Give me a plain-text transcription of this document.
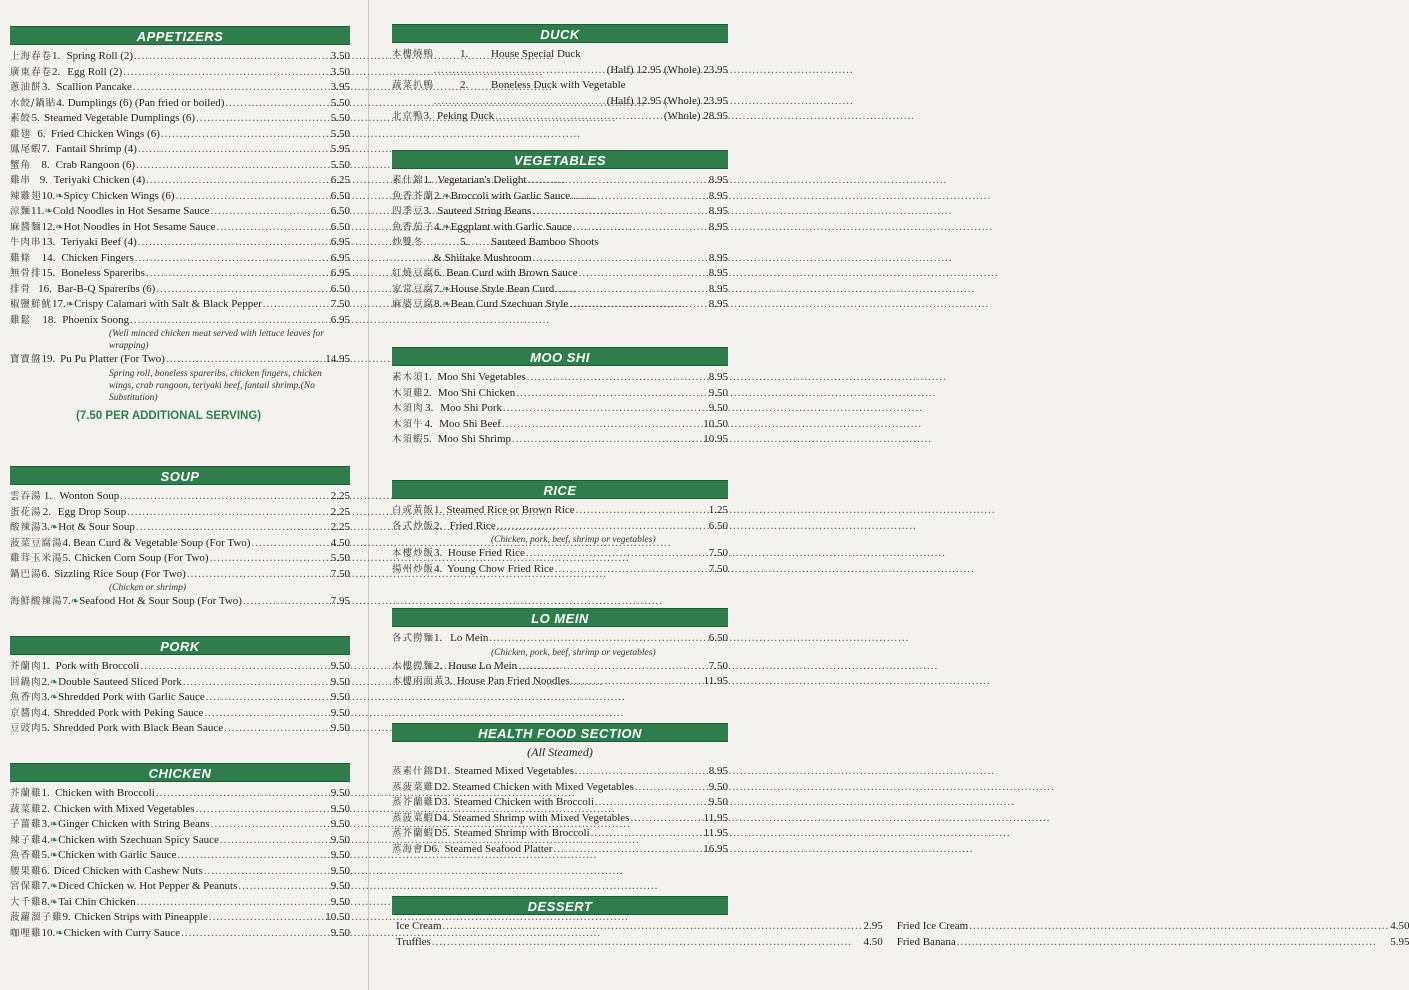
APPETIZERS
上海春卷 1. Spring Roll (2) .....	3.50
廣東春卷 2. Egg Roll (2) .....	3.50
蔥油餅 3. Scallion Pancake .....	3.95
水餃/鍋貼 4. Dumplings (6) (Pan fried or boiled) .....	5.50
素餃 5. Steamed Vegetable Dumplings (6) .....	5.50
雞翅 6. Fried Chicken Wings (6) .....	5.50
鳳尾蝦 7. Fantail Shrimp (4) .....	5.95
蟹角 8. Crab Rangoon (6) .....	5.50
雞串 9. Teriyaki Chicken (4) .....	6.25
辣雞翅 10. ❧ Spicy Chicken Wings (6) .....	6.50
涼麵 11. ❧ Cold Noodles in Hot Sesame Sauce .....	6.50
麻醬麵 12. ❧ Hot Noodles in Hot Sesame Sauce .....	6.50
牛肉串 13. Teriyaki Beef (4) .....	6.95
雞條 14. Chicken Fingers .....	6.95
無骨排 15. Boneless Spareribs .....	6.95
排骨 16. Bar-B-Q Spareribs (6) .....	6.50
椒鹽鮮魷 17. ❧ Crispy Calamari with Salt & Black Pepper .....	7.50
雞鬆	18. Phoenix Soong .....	6.95
(Well minced chicken meat served with lettuce leaves for wrapping)
寶寶盤 19. Pu Pu Platter (For Two) .....	14.95
Spring roll, boneless spareribs, chicken fingers, chicken wings, crab rangoon, teriyaki beef, fantail shrimp.(No Substitution)
(7.50 PER ADDITIONAL SERVING)
SOUP
雲吞湯 1. Wonton Soup .....	2.25
蛋花湯 2. Egg Drop Soup .....	2.25
酸辣湯 3. ❧ Hot & Sour Soup .....	2.25
菠菜豆腐湯 4. Bean Curd & Vegetable Soup (For Two) .....	4.50
雞茸玉米湯 5. Chicken Corn Soup (For Two) .....	5.50
鍋巴湯 6. Sizzling Rice Soup (For Two) .....	7.50
(Chicken or shrimp)
海鮮酸辣湯 7. ❧ Seafood Hot & Sour Soup (For Two) .....	7.95
PORK
芥蘭肉 1. Pork with Broccoli .....	9.50
回鍋肉 2. ❧ Double Sauteed Sliced Pork .....	9.50
魚香肉 3. ❧ Shredded Pork with Garlic Sauce .....	9.50
京醬肉 4. Shredded Pork with Peking Sauce .....	9.50
豆豉肉 5. Shredded Pork with Black Bean Sauce .....	9.50
CHICKEN
芥蘭雞 1. Chicken with Broccoli .....	9.50
蔬菜雞 2. Chicken with Mixed Vegetables .....	9.50
子薑雞 3. ❧ Ginger Chicken with String Beans .....	9.50
辣子雞 4. ❧ Chicken with Szechuan Spicy Sauce .....	9.50
魚香雞 5. ❧ Chicken with Garlic Sauce .....	9.50
腰果雞 6. Diced Chicken with Cashew Nuts .....	9.50
宮保雞 7. ❧ Diced Chicken w. Hot Pepper & Peanuts .....	9.50
大千雞 8. ❧ Tai Chin Chicken .....	9.50
菠蘿溜子雞 9. Chicken Strips with Pineapple .....	10.50
咖哩雞 10. ❧ Chicken with Curry Sauce .....	9.50
DUCK
本樓燒鴨	1.	House Special Duck
.....
(Half) 12.95 (Whole) 23.95
蔬菜扒鴨	2.	Boneless Duck with Vegetable
.....
(Half) 12.95 (Whole) 23.95
北京鴨 3. Peking Duck .....	(Whole) 28.95
VEGETABLES
素什錦 1. Vegetarian's Delight .....	8.95
魚香芥蘭 2. ❧ Broccoli with Garlic Sauce .....	8.95
四季豆 3. Sauteed String Beans .....	8.95
魚香茄子 4. ❧ Eggplant with Garlic Sauce .....	8.95
炒雙冬	5.	Sauteed Bamboo Shoots
& Shiitake Mushroom .....	8.95
紅燒豆腐 6. Bean Curd with Brown Sauce .....	8.95
家常豆腐 7. ❧ House Style Bean Curd .....	8.95
麻婆豆腐 8. ❧ Bean Curd Szechuan Style .....	8.95
MOO SHI
素木須 1. Moo Shi Vegetables .....	8.95
木須雞 2. Moo Shi Chicken .....	9.50
木須肉 3. Moo Shi Pork .....	9.50
木須牛 4. Moo Shi Beef .....	10.50
木須蝦 5. Moo Shi Shrimp .....	10.95
RICE
白或黃飯 1. Steamed Rice or Brown Rice .....	1.25
各式炒飯 2. Fried Rice .....	6.50
(Chicken, pork, beef, shrimp or vegetables)
本樓炒飯 3. House Fried Rice .....	7.50
揚州炒飯 4. Young Chow Fried Rice .....	7.50
LO MEIN
各式撈麵 1. Lo Mein .....	6.50
(Chicken, pork, beef, shrimp or vegetables)
本樓撈麵 2. House Lo Mein .....	7.50
本樓兩面黃 3. House Pan Fried Noodles .....	11.95
HEALTH FOOD SECTION
(All Steamed)
蒸素什錦 D1. Steamed Mixed Vegetables .....	8.95
蒸菠菜雞 D2. Steamed Chicken with Mixed Vegetables .....	9.50
蒸芥蘭雞 D3. Steamed Chicken with Broccoli .....	9.50
蒸菠菜蝦 D4. Steamed Shrimp with Mixed Vegetables .....	11.95
蒸芥蘭蝦 D5. Steamed Shrimp with Broccoli .....	11.95
蒸海會 D6. Steamed Seafood Platter .....	16.95
DESSERT
Ice Cream .....	2.95 Fried Ice Cream .....	4.50
Truffles .....	4.50 Fried Banana .....	5.95
